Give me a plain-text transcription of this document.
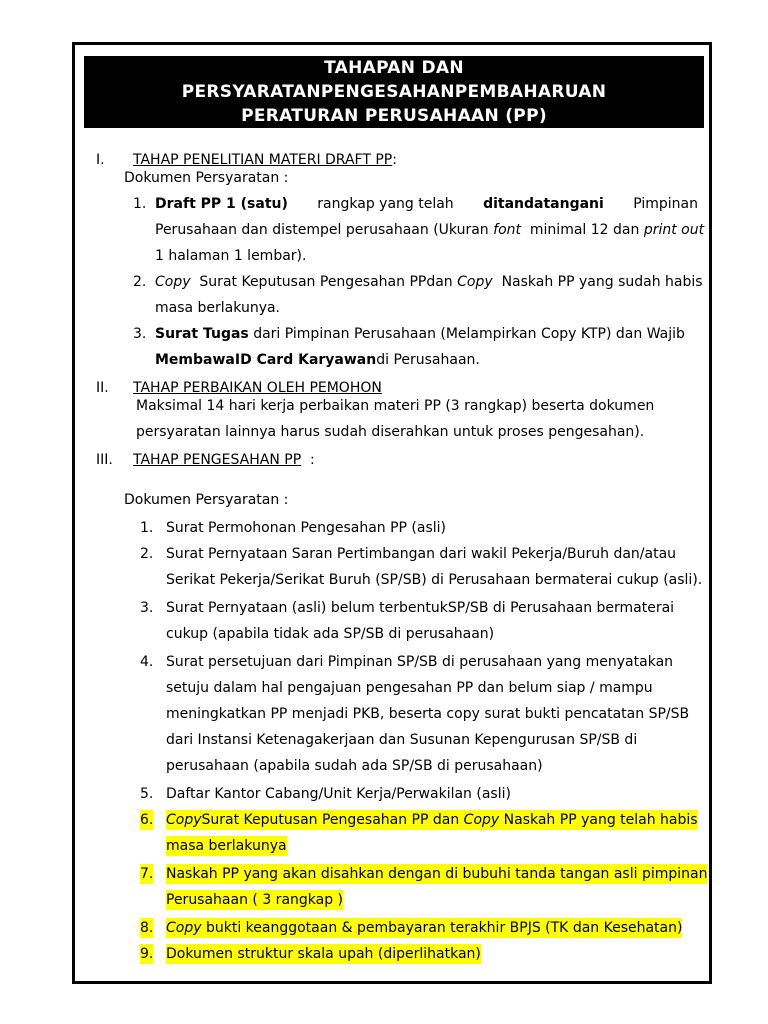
TAHAPAN DAN
PERSYARATANPENGESAHANPEMBAHARUAN
PERATURAN PERUSAHAAN (PP)
I. TAHAP PENELITIAN MATERI DRAFT PP:
Dokumen Persyaratan :
1. Draft PP 1 (satu) rangkap yang telah ditandatangani Pimpinan
Perusahaan dan distempel perusahaan (Ukuran font minimal 12 dan print out
1 halaman 1 lembar).
2. Copy Surat Keputusan Pengesahan PPdan Copy Naskah PP yang sudah habis
masa berlakunya.
3. Surat Tugas dari Pimpinan Perusahaan (Melampirkan Copy KTP) dan Wajib
MembawaID Card Karyawandi Perusahaan.
II. TAHAP PERBAIKAN OLEH PEMOHON
Maksimal 14 hari kerja perbaikan materi PP (3 rangkap) beserta dokumen
persyaratan lainnya harus sudah diserahkan untuk proses pengesahan).
III. TAHAP PENGESAHAN PP :
Dokumen Persyaratan :
1. Surat Permohonan Pengesahan PP (asli)
2. Surat Pernyataan Saran Pertimbangan dari wakil Pekerja/Buruh dan/atau
Serikat Pekerja/Serikat Buruh (SP/SB) di Perusahaan bermaterai cukup (asli).
3. Surat Pernyataan (asli) belum terbentukSP/SB di Perusahaan bermaterai
cukup (apabila tidak ada SP/SB di perusahaan)
4. Surat persetujuan dari Pimpinan SP/SB di perusahaan yang menyatakan
setuju dalam hal pengajuan pengesahan PP dan belum siap / mampu
meningkatkan PP menjadi PKB, beserta copy surat bukti pencatatan SP/SB
dari Instansi Ketenagakerjaan dan Susunan Kepengurusan SP/SB di
perusahaan (apabila sudah ada SP/SB di perusahaan)
5. Daftar Kantor Cabang/Unit Kerja/Perwakilan (asli)
6. CopySurat Keputusan Pengesahan PP dan Copy Naskah PP yang telah habis
masa berlakunya
7. Naskah PP yang akan disahkan dengan di bubuhi tanda tangan asli pimpinan
Perusahaan ( 3 rangkap )
8. Copy bukti keanggotaan & pembayaran terakhir BPJS (TK dan Kesehatan)
9. Dokumen struktur skala upah (diperlihatkan)
